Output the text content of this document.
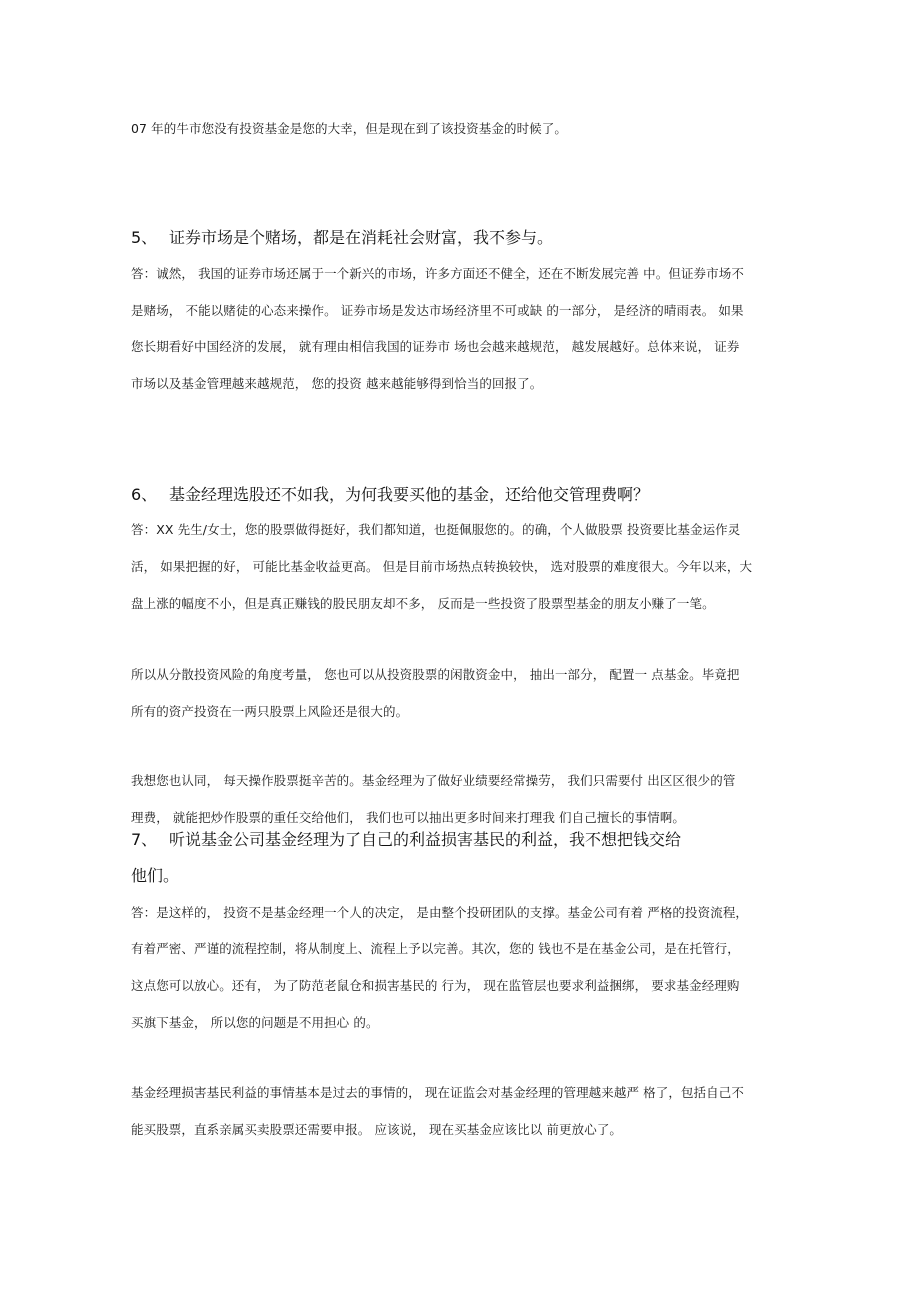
07 年的牛市您没有投资基金是您的大幸，但是现在到了该投资基金的时候了。
5、 证券市场是个赌场，都是在消耗社会财富，我不参与。
答：诚然， 我国的证券市场还属于一个新兴的市场，许多方面还不健全，还在不断发展完善 中。但证券市场不
是赌场， 不能以赌徒的心态来操作。 证券市场是发达市场经济里不可或缺 的一部分， 是经济的晴雨表。 如果
您长期看好中国经济的发展， 就有理由相信我国的证券市 场也会越来越规范， 越发展越好。总体来说， 证券
市场以及基金管理越来越规范， 您的投资 越来越能够得到恰当的回报了。
6、 基金经理选股还不如我，为何我要买他的基金，还给他交管理费啊？
答：XX 先生/女士，您的股票做得挺好，我们都知道，也挺佩服您的。的确，个人做股票 投资要比基金运作灵
活， 如果把握的好， 可能比基金收益更高。 但是目前市场热点转换较快， 选对股票的难度很大。今年以来，大
盘上涨的幅度不小，但是真正赚钱的股民朋友却不多， 反而是一些投资了股票型基金的朋友小赚了一笔。
所以从分散投资风险的角度考量， 您也可以从投资股票的闲散资金中， 抽出一部分， 配置一 点基金。毕竟把
所有的资产投资在一两只股票上风险还是很大的。
我想您也认同， 每天操作股票挺辛苦的。基金经理为了做好业绩要经常操劳， 我们只需要付 出区区很少的管
理费， 就能把炒作股票的重任交给他们， 我们也可以抽出更多时间来打理我 们自己擅长的事情啊。
7、 听说基金公司基金经理为了自己的利益损害基民的利益，我不想把钱交给
他们。
答：是这样的， 投资不是基金经理一个人的决定， 是由整个投研团队的支撑。基金公司有着 严格的投资流程，
有着严密、严谨的流程控制，将从制度上、流程上予以完善。其次，您的 钱也不是在基金公司，是在托管行，
这点您可以放心。还有， 为了防范老鼠仓和损害基民的 行为， 现在监管层也要求利益捆绑， 要求基金经理购
买旗下基金， 所以您的问题是不用担心 的。
基金经理损害基民利益的事情基本是过去的事情的， 现在证监会对基金经理的管理越来越严 格了，包括自己不
能买股票，直系亲属买卖股票还需要申报。 应该说， 现在买基金应该比以 前更放心了。
